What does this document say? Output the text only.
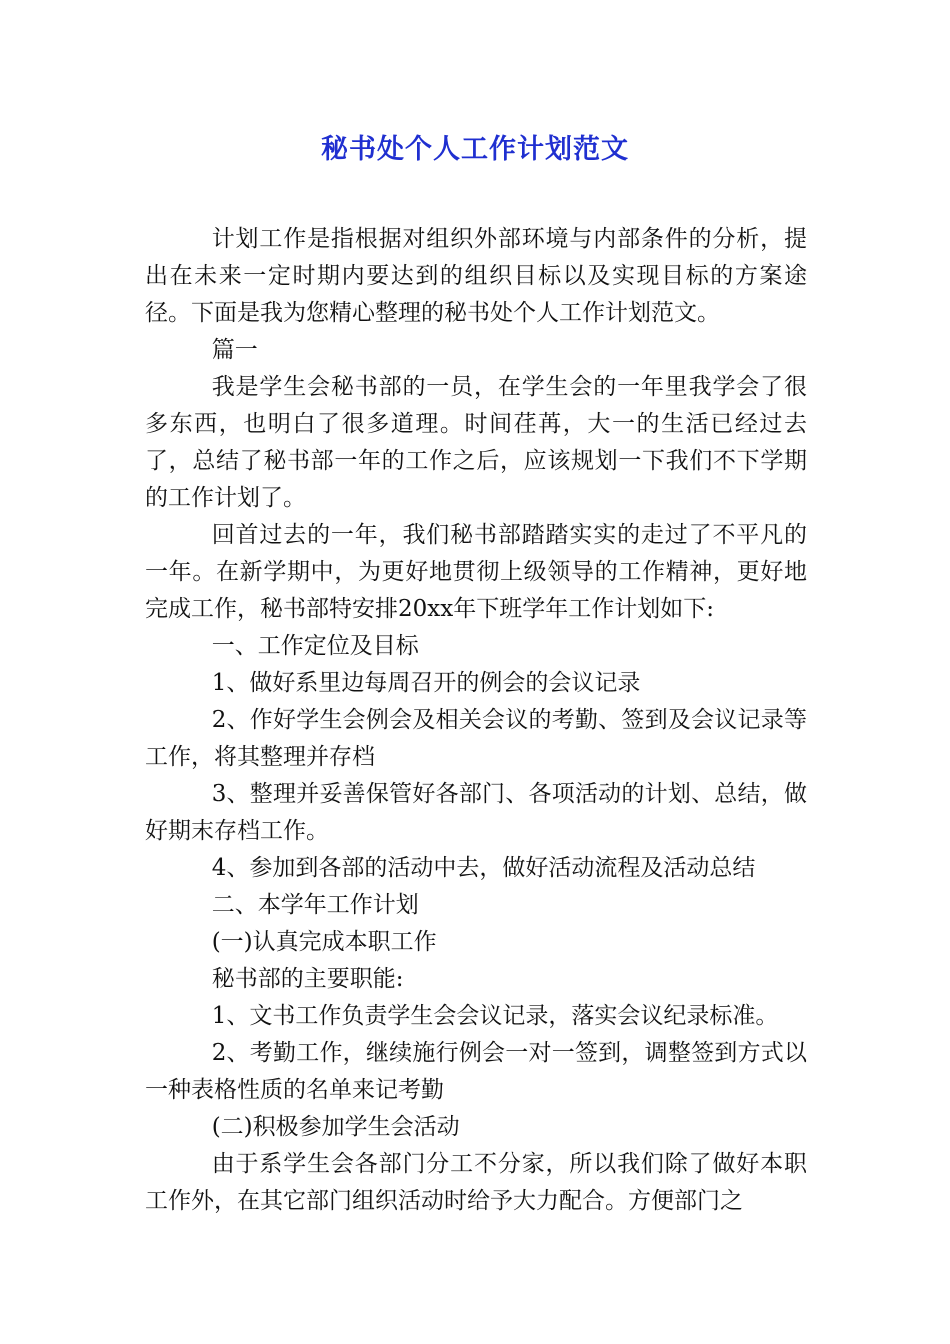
秘书处个人工作计划范文

计划工作是指根据对组织外部环境与内部条件的分析，提出在未来一定时期内要达到的组织目标以及实现目标的方案途径。下面是我为您精心整理的秘书处个人工作计划范文。

篇一

我是学生会秘书部的一员，在学生会的一年里我学会了很多东西，也明白了很多道理。时间荏苒，大一的生活已经过去了，总结了秘书部一年的工作之后，应该规划一下我们不下学期的工作计划了。

回首过去的一年，我们秘书部踏踏实实的走过了不平凡的一年。在新学期中，为更好地贯彻上级领导的工作精神，更好地完成工作，秘书部特安排20xx年下班学年工作计划如下:

一、工作定位及目标

1、做好系里边每周召开的例会的会议记录

2、作好学生会例会及相关会议的考勤、签到及会议记录等工作，将其整理并存档

3、整理并妥善保管好各部门、各项活动的计划、总结，做好期末存档工作。

4、参加到各部的活动中去，做好活动流程及活动总结

二、本学年工作计划

(一)认真完成本职工作

秘书部的主要职能:

1、文书工作负责学生会会议记录，落实会议纪录标准。

2、考勤工作，继续施行例会一对一签到，调整签到方式以一种表格性质的名单来记考勤

(二)积极参加学生会活动

由于系学生会各部门分工不分家，所以我们除了做好本职工作外，在其它部门组织活动时给予大力配合。方便部门之
